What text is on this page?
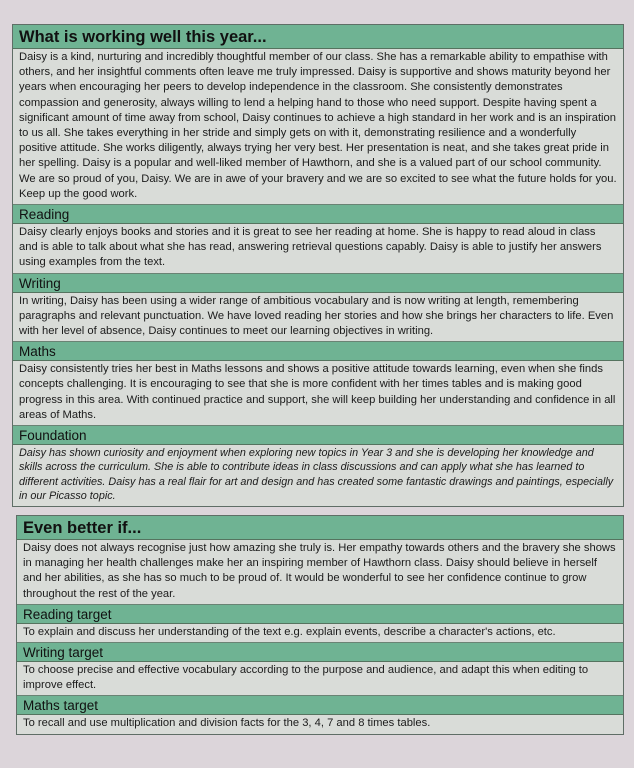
What is working well this year...

Daisy is a kind, nurturing and incredibly thoughtful member of our class. She has a remarkable ability to empathise with others, and her insightful comments often leave me truly impressed. Daisy is supportive and shows maturity beyond her years when encouraging her peers to develop independence in the classroom. She consistently demonstrates compassion and generosity, always willing to lend a helping hand to those who need support. Despite having spent a significant amount of time away from school, Daisy continues to achieve a high standard in her work and is an inspiration to us all. She takes everything in her stride and simply gets on with it, demonstrating resilience and a wonderfully positive attitude. She works diligently, always trying her very best. Her presentation is neat, and she takes great pride in her spelling. Daisy is a popular and well-liked member of Hawthorn, and she is a valued part of our school community.

We are so proud of you, Daisy. We are in awe of your bravery and we are so excited to see what the future holds for you. Keep up the good work.

Reading
Daisy clearly enjoys books and stories and it is great to see her reading at home. She is happy to read aloud in class and is able to talk about what she has read, answering retrieval questions capably. Daisy is able to justify her answers using examples from the text.
Writing
In writing, Daisy has been using a wider range of ambitious vocabulary and is now writing at length, remembering paragraphs and relevant punctuation. We have loved reading her stories and how she brings her characters to life. Even with her level of absence, Daisy continues to meet our learning objectives in writing.
Maths
Daisy consistently tries her best in Maths lessons and shows a positive attitude towards learning, even when she finds concepts challenging. It is encouraging to see that she is more confident with her times tables and is making good progress in this area. With continued practice and support, she will keep building her understanding and confidence in all areas of Maths.
Foundation
Daisy has shown curiosity and enjoyment when exploring new topics in Year 3 and she is developing her knowledge and skills across the curriculum. She is able to contribute ideas in class discussions and can apply what she has learned to different activities. Daisy has a real flair for art and design and has created some fantastic drawings and paintings, especially in our Picasso topic.
Even better if...
Daisy does not always recognise just how amazing she truly is. Her empathy towards others and the bravery she shows in managing her health challenges make her an inspiring member of Hawthorn class. Daisy should believe in herself and her abilities, as she has so much to be proud of. It would be wonderful to see her confidence continue to grow throughout the rest of the year.
Reading target
To explain and discuss her understanding of the text e.g. explain events, describe a character's actions, etc.
Writing target
To choose precise and effective vocabulary according to the purpose and audience, and adapt this when editing to improve effect.
Maths target
To recall and use multiplication and division facts for the 3, 4, 7 and 8 times tables.
